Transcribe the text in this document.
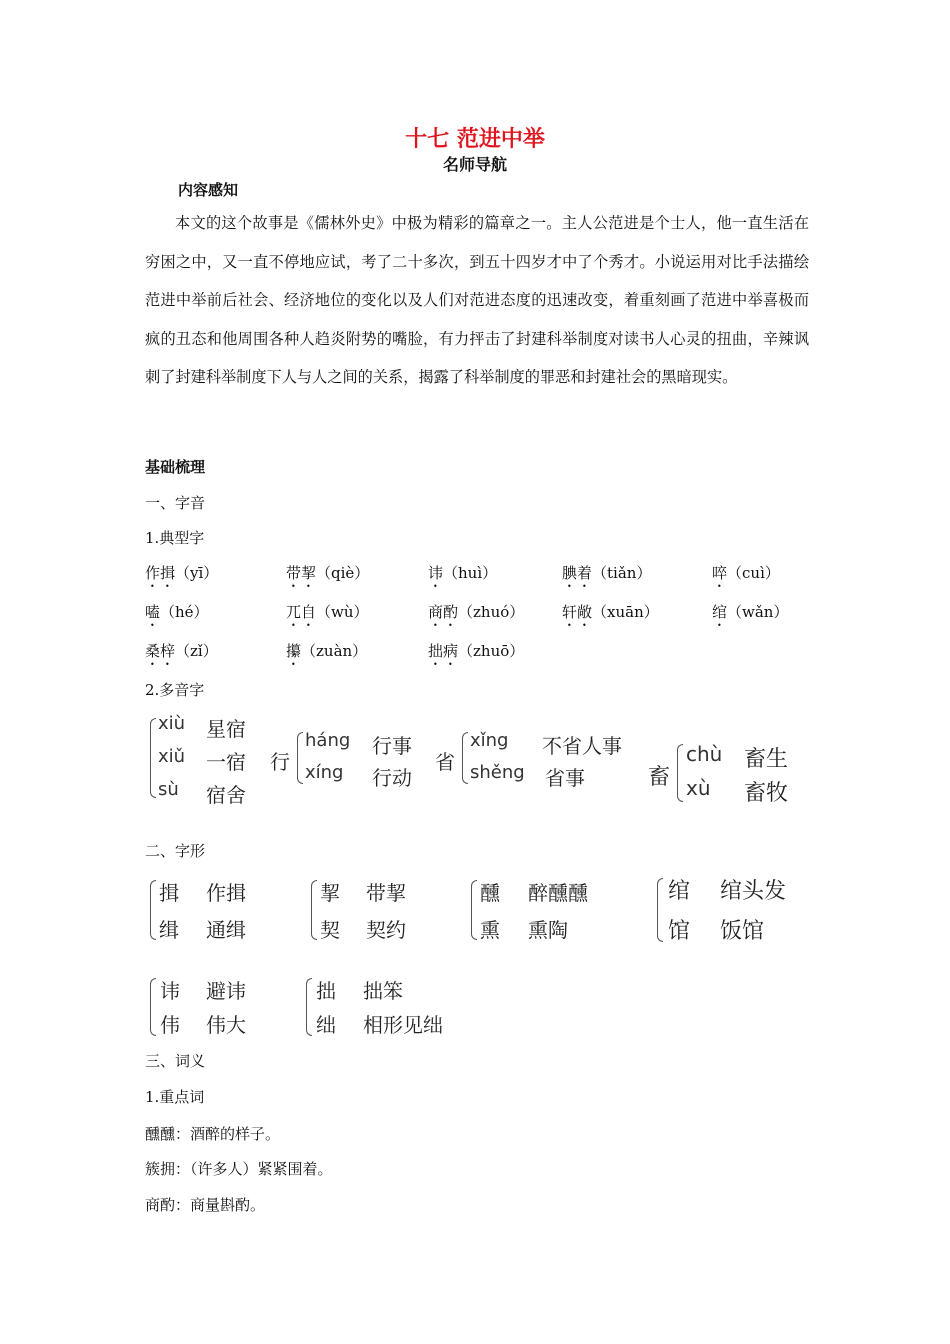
十七 范进中举
名师导航
内容感知
本文的这个故事是《儒林外史》中极为精彩的篇章之一。主人公范进是个士人，他一直生活在穷困之中，又一直不停地应试，考了二十多次，到五十四岁才中了个秀才。小说运用对比手法描绘范进中举前后社会、经济地位的变化以及人们对范进态度的迅速改变，着重刻画了范进中举喜极而疯的丑态和他周围各种人趋炎附势的嘴脸，有力抨击了封建科举制度对读书人心灵的扭曲，辛辣讽刺了封建科举制度下人与人之间的关系，揭露了科举制度的罪恶和封建社会的黑暗现实。
基础梳理
一、字音
1.典型字
作揖（yī）	带挈（qiè）	讳（huì）	腆着（tiǎn）	啐（cuì）
嗑（hé）	兀自（wù）	商酌（zhuó）	轩敞（xuān）	绾（wǎn）
桑梓（zǐ）	攥（zuàn）	拙病（zhuō）
2.多音字
xiù 星宿
xiǔ 一宿
sù 宿舍
行
háng 行事
xíng 行动
省
xǐng 不省人事
shěng 省事	畜
chù 畜生
xù 畜牧
二、字形
揖 作揖
缉 通缉
挈 带挈
契 契约
醺 醉醺醺
熏 熏陶
绾 绾头发
馆 饭馆
讳 避讳
伟 伟大
拙 拙笨
绌 相形见绌
三、词义
1.重点词
醺醺：酒醉的样子。
簇拥：（许多人）紧紧围着。
商酌：商量斟酌。
